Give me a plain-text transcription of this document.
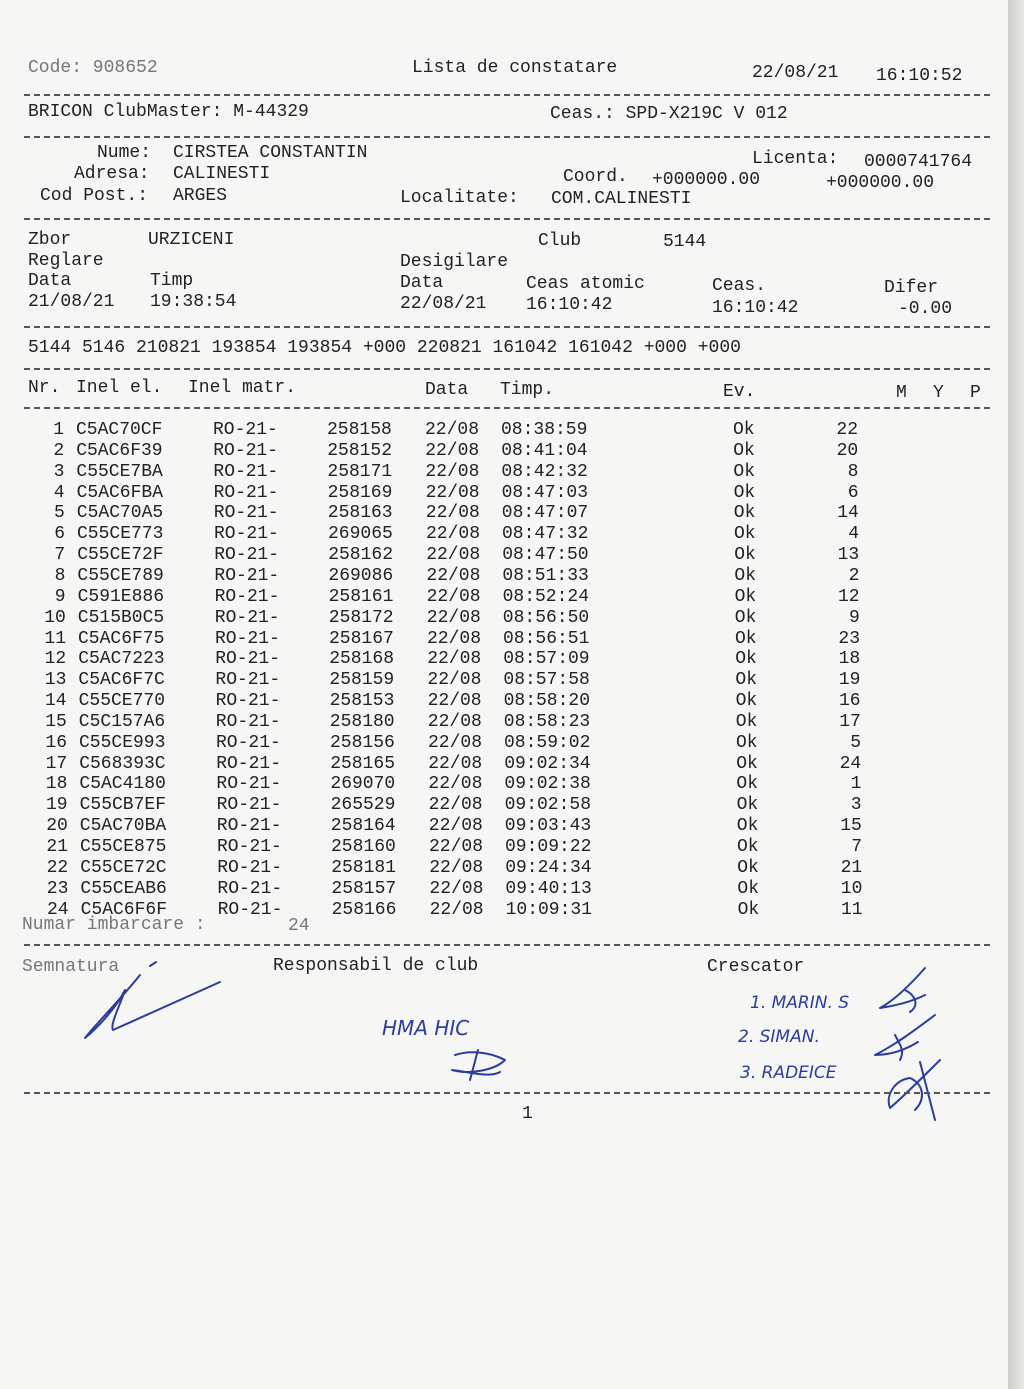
Code: 908652	Lista de constatare	22/08/21 16:10:52
BRICON ClubMaster: M-44329	Ceas.: SPD-X219C V 012
Nume: CIRSTEA CONSTANTIN	Licenta: 0000741764
Adresa: CALINESTI	Coord. +000000.00	+000000.00
Cod Post.: ARGES	Localitate: COM.CALINESTI
Zbor	URZICENI	Club	5144
Reglare	Desigilare
Data	Timp	Data	Ceas atomic	Ceas.	Difer
21/08/21 19:38:54	22/08/21 16:10:42	16:10:42	-0.00
5144 5146 210821 193854 193854 +000 220821 161042 161042 +000 +000
Nr. Inel el. Inel matr.	Data Timp.	Ev.	M Y P
1 C5AC70CF	RO-21-	258158	22/08	08:38:59	Ok	22
2 C5AC6F39	RO-21-	258152	22/08	08:41:04	Ok	20
3 C55CE7BA	RO-21-	258171	22/08	08:42:32	Ok	8
4 C5AC6FBA	RO-21-	258169	22/08	08:47:03	Ok	6
5 C5AC70A5	RO-21-	258163	22/08	08:47:07	Ok	14
6 C55CE773	RO-21-	269065	22/08	08:47:32	Ok	4
7 C55CE72F	RO-21-	258162	22/08	08:47:50	Ok	13
8 C55CE789	RO-21-	269086	22/08	08:51:33	Ok	2
9 C591E886	RO-21-	258161	22/08	08:52:24	Ok	12
10 C515B0C5	RO-21-	258172	22/08	08:56:50	Ok	9
11 C5AC6F75	RO-21-	258167	22/08	08:56:51	Ok	23
12 C5AC7223	RO-21-	258168	22/08	08:57:09	Ok	18
13 C5AC6F7C	RO-21-	258159	22/08	08:57:58	Ok	19
14 C55CE770	RO-21-	258153	22/08	08:58:20	Ok	16
15 C5C157A6	RO-21-	258180	22/08	08:58:23	Ok	17
16 C55CE993	RO-21-	258156	22/08	08:59:02	Ok	5
17 C568393C	RO-21-	258165	22/08	09:02:34	Ok	24
18 C5AC4180	RO-21-	269070	22/08	09:02:38	Ok	1
19 C55CB7EF	RO-21-	265529	22/08	09:02:58	Ok	3
20 C5AC70BA	RO-21-	258164	22/08	09:03:43	Ok	15
21 C55CE875	RO-21-	258160	22/08	09:09:22	Ok	7
22 C55CE72C	RO-21-	258181	22/08	09:24:34	Ok	21
23 C55CEAB6	RO-21-	258157	22/08	09:40:13	Ok	10
24 C5AC6F6F	RO-21-	258166	22/08	10:09:31	Ok	11
Numar imbarcare :	24
Semnatura	Responsabil de club	Crescator
HMA HIC
1. MARIN. S
2. SIMAN.
3. RADEICE
1
